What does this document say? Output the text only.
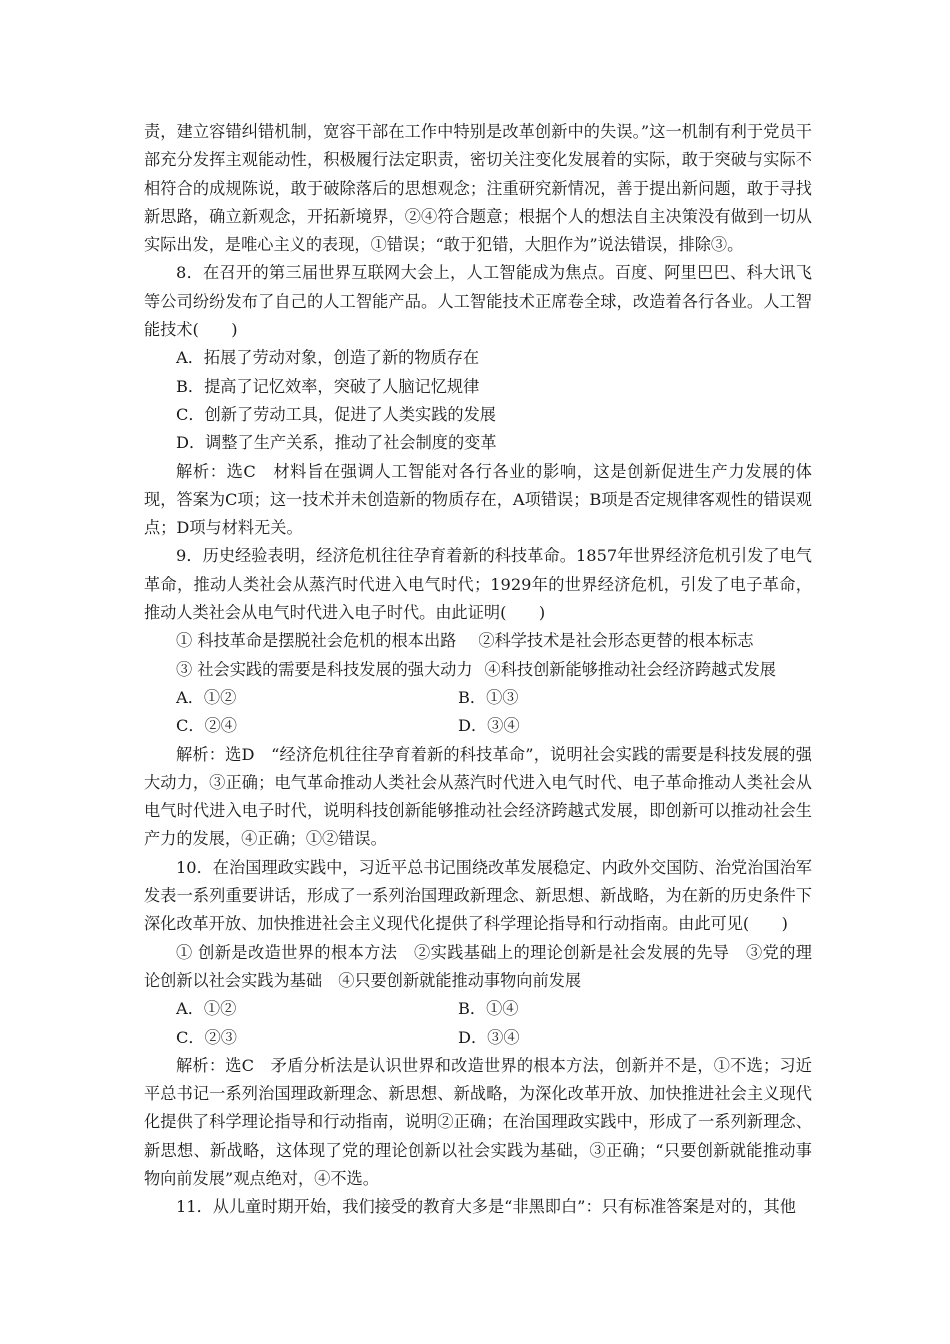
责，建立容错纠错机制，宽容干部在工作中特别是改革创新中的失误。”这一机制有利于党员干部充分发挥主观能动性，积极履行法定职责，密切关注变化发展着的实际，敢于突破与实际不相符合的成规陈说，敢于破除落后的思想观念；注重研究新情况，善于提出新问题，敢于寻找新思路，确立新观念，开拓新境界，②④符合题意；根据个人的想法自主决策没有做到一切从实际出发，是唯心主义的表现，①错误；“敢于犯错，大胆作为”说法错误，排除③。

8．在召开的第三届世界互联网大会上，人工智能成为焦点。百度、阿里巴巴、科大讯飞等公司纷纷发布了自己的人工智能产品。人工智能技术正席卷全球，改造着各行各业。人工智能技术(　　)

A．拓展了劳动对象，创造了新的物质存在

B．提高了记忆效率，突破了人脑记忆规律

C．创新了劳动工具，促进了人类实践的发展

D．调整了生产关系，推动了社会制度的变革

解析：选C　材料旨在强调人工智能对各行各业的影响，这是创新促进生产力发展的体现，答案为C项；这一技术并未创造新的物质存在，A项错误；B项是否定规律客观性的错误观点；D项与材料无关。

9．历史经验表明，经济危机往往孕育着新的科技革命。1857年世界经济危机引发了电气革命，推动人类社会从蒸汽时代进入电气时代；1929年的世界经济危机，引发了电子革命，推动人类社会从电气时代进入电子时代。由此证明(　　)

① 科技革命是摆脱社会危机的根本出路 ②科学技术是社会形态更替的根本标志
③ 社会实践的需要是科技发展的强大动力 ④科技创新能够推动社会经济跨越式发展
A．①②	B．①③
C．②④	D．③④

解析：选D　“经济危机往往孕育着新的科技革命”，说明社会实践的需要是科技发展的强大动力，③正确；电气革命推动人类社会从蒸汽时代进入电气时代、电子革命推动人类社会从电气时代进入电子时代，说明科技创新能够推动社会经济跨越式发展，即创新可以推动社会生产力的发展，④正确；①②错误。

10．在治国理政实践中，习近平总书记围绕改革发展稳定、内政外交国防、治党治国治军发表一系列重要讲话，形成了一系列治国理政新理念、新思想、新战略，为在新的历史条件下深化改革开放、加快推进社会主义现代化提供了科学理论指导和行动指南。由此可见(　　)

① 创新是改造世界的根本方法　②实践基础上的理论创新是社会发展的先导　③党的理论创新以社会实践为基础　④只要创新就能推动事物向前发展

A．①②	B．①④
C．②③	D．③④

解析：选C　矛盾分析法是认识世界和改造世界的根本方法，创新并不是，①不选；习近平总书记一系列治国理政新理念、新思想、新战略，为深化改革开放、加快推进社会主义现代化提供了科学理论指导和行动指南，说明②正确；在治国理政实践中，形成了一系列新理念、新思想、新战略，这体现了党的理论创新以社会实践为基础，③正确；“只要创新就能推动事物向前发展”观点绝对，④不选。

11．从儿童时期开始，我们接受的教育大多是“非黑即白”：只有标准答案是对的，其他
